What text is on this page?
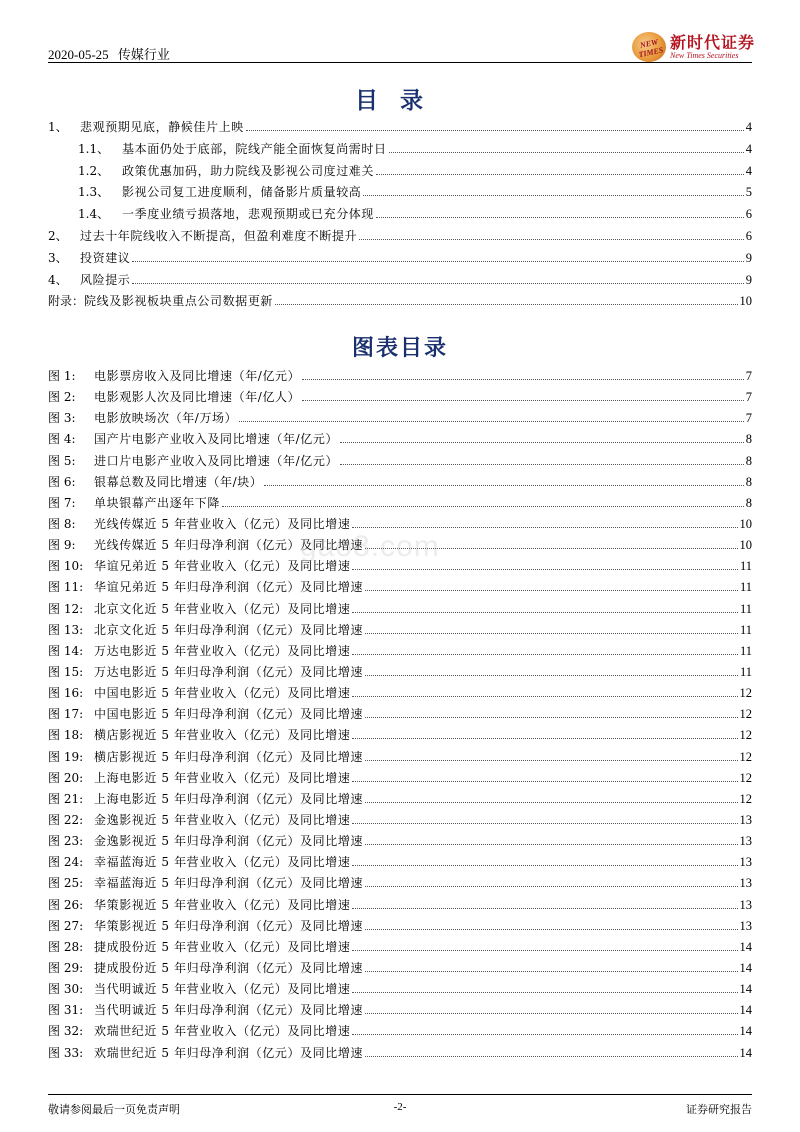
2020-05-25 传媒行业
NEW TIMES
新时代证券
New Times Securities
目录
1、	悲观预期见底，静候佳片上映	4
1.1、	基本面仍处于底部，院线产能全面恢复尚需时日	4
1.2、	政策优惠加码，助力院线及影视公司度过难关	4
1.3、	影视公司复工进度顺利，储备影片质量较高	5
1.4、	一季度业绩亏损落地，悲观预期或已充分体现	6
2、	过去十年院线收入不断提高，但盈利难度不断提升	6
3、	投资建议	9
4、	风险提示	9
附录： 院线及影视板块重点公司数据更新	10
图表目录
图 1:	电影票房收入及同比增速（年/亿元）	7
图 2:	电影观影人次及同比增速（年/亿人）	7
图 3:	电影放映场次（年/万场）	7
图 4:	国产片电影产业收入及同比增速（年/亿元）	8
图 5:	进口片电影产业收入及同比增速（年/亿元）	8
图 6:	银幕总数及同比增速（年/块）	8
图 7:	单块银幕产出逐年下降	8
图 8:	光线传媒近 5 年营业收入（亿元）及同比增速	10
图 9:	光线传媒近 5 年归母净利润（亿元）及同比增速	10
图 10: 华谊兄弟近 5 年营业收入（亿元）及同比增速	11
图 11: 华谊兄弟近 5 年归母净利润（亿元）及同比增速	11
图 12: 北京文化近 5 年营业收入（亿元）及同比增速	11
图 13: 北京文化近 5 年归母净利润（亿元）及同比增速	11
图 14: 万达电影近 5 年营业收入（亿元）及同比增速	11
图 15: 万达电影近 5 年归母净利润（亿元）及同比增速	11
图 16: 中国电影近 5 年营业收入（亿元）及同比增速	12
图 17: 中国电影近 5 年归母净利润（亿元）及同比增速	12
图 18: 横店影视近 5 年营业收入（亿元）及同比增速	12
图 19: 横店影视近 5 年归母净利润（亿元）及同比增速	12
图 20: 上海电影近 5 年营业收入（亿元）及同比增速	12
图 21: 上海电影近 5 年归母净利润（亿元）及同比增速	12
图 22: 金逸影视近 5 年营业收入（亿元）及同比增速	13
图 23: 金逸影视近 5 年归母净利润（亿元）及同比增速	13
图 24: 幸福蓝海近 5 年营业收入（亿元）及同比增速	13
图 25: 幸福蓝海近 5 年归母净利润（亿元）及同比增速	13
图 26: 华策影视近 5 年营业收入（亿元）及同比增速	13
图 27: 华策影视近 5 年归母净利润（亿元）及同比增速	13
图 28: 捷成股份近 5 年营业收入（亿元）及同比增速	14
图 29: 捷成股份近 5 年归母净利润（亿元）及同比增速	14
图 30: 当代明诚近 5 年营业收入（亿元）及同比增速	14
图 31: 当代明诚近 5 年归母净利润（亿元）及同比增速	14
图 32: 欢瑞世纪近 5 年营业收入（亿元）及同比增速	14
图 33: 欢瑞世纪近 5 年归母净利润（亿元）及同比增速	14
gao8.com
敬请参阅最后一页免责声明	-2-	证券研究报告
